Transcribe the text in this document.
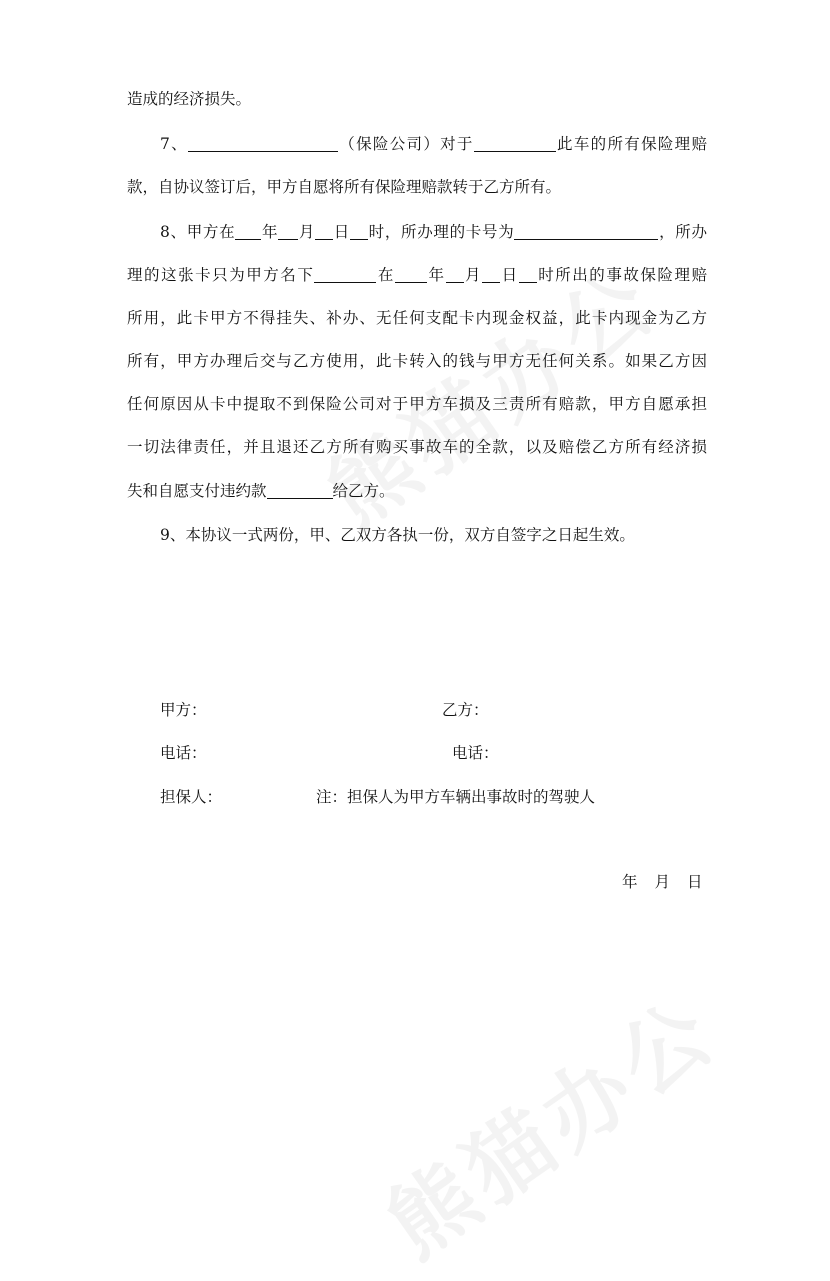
造成的经济损失。
7、	（保险公司）对于	此车的所有保险理赔
款，自协议签订后，甲方自愿将所有保险理赔款转于乙方所有。
8、甲方在 年 月 日 时，所办理的卡号为	，所办
理的这张卡只为甲方名下	在 年 月 日 时所出的事故保险理赔
所用，此卡甲方不得挂失、补办、无任何支配卡内现金权益，此卡内现金为乙方
所有，甲方办理后交与乙方使用，此卡转入的钱与甲方无任何关系。如果乙方因
任何原因从卡中提取不到保险公司对于甲方车损及三责所有赔款，甲方自愿承担
一切法律责任，并且退还乙方所有购买事故车的全款，以及赔偿乙方所有经济损
失和自愿支付违约款	给乙方。
9、本协议一式两份，甲、乙双方各执一份，双方自签字之日起生效。
甲方：	乙方：
电话：	电话：
担保人：	注：担保人为甲方车辆出事故时的驾驶人
年 月 日
